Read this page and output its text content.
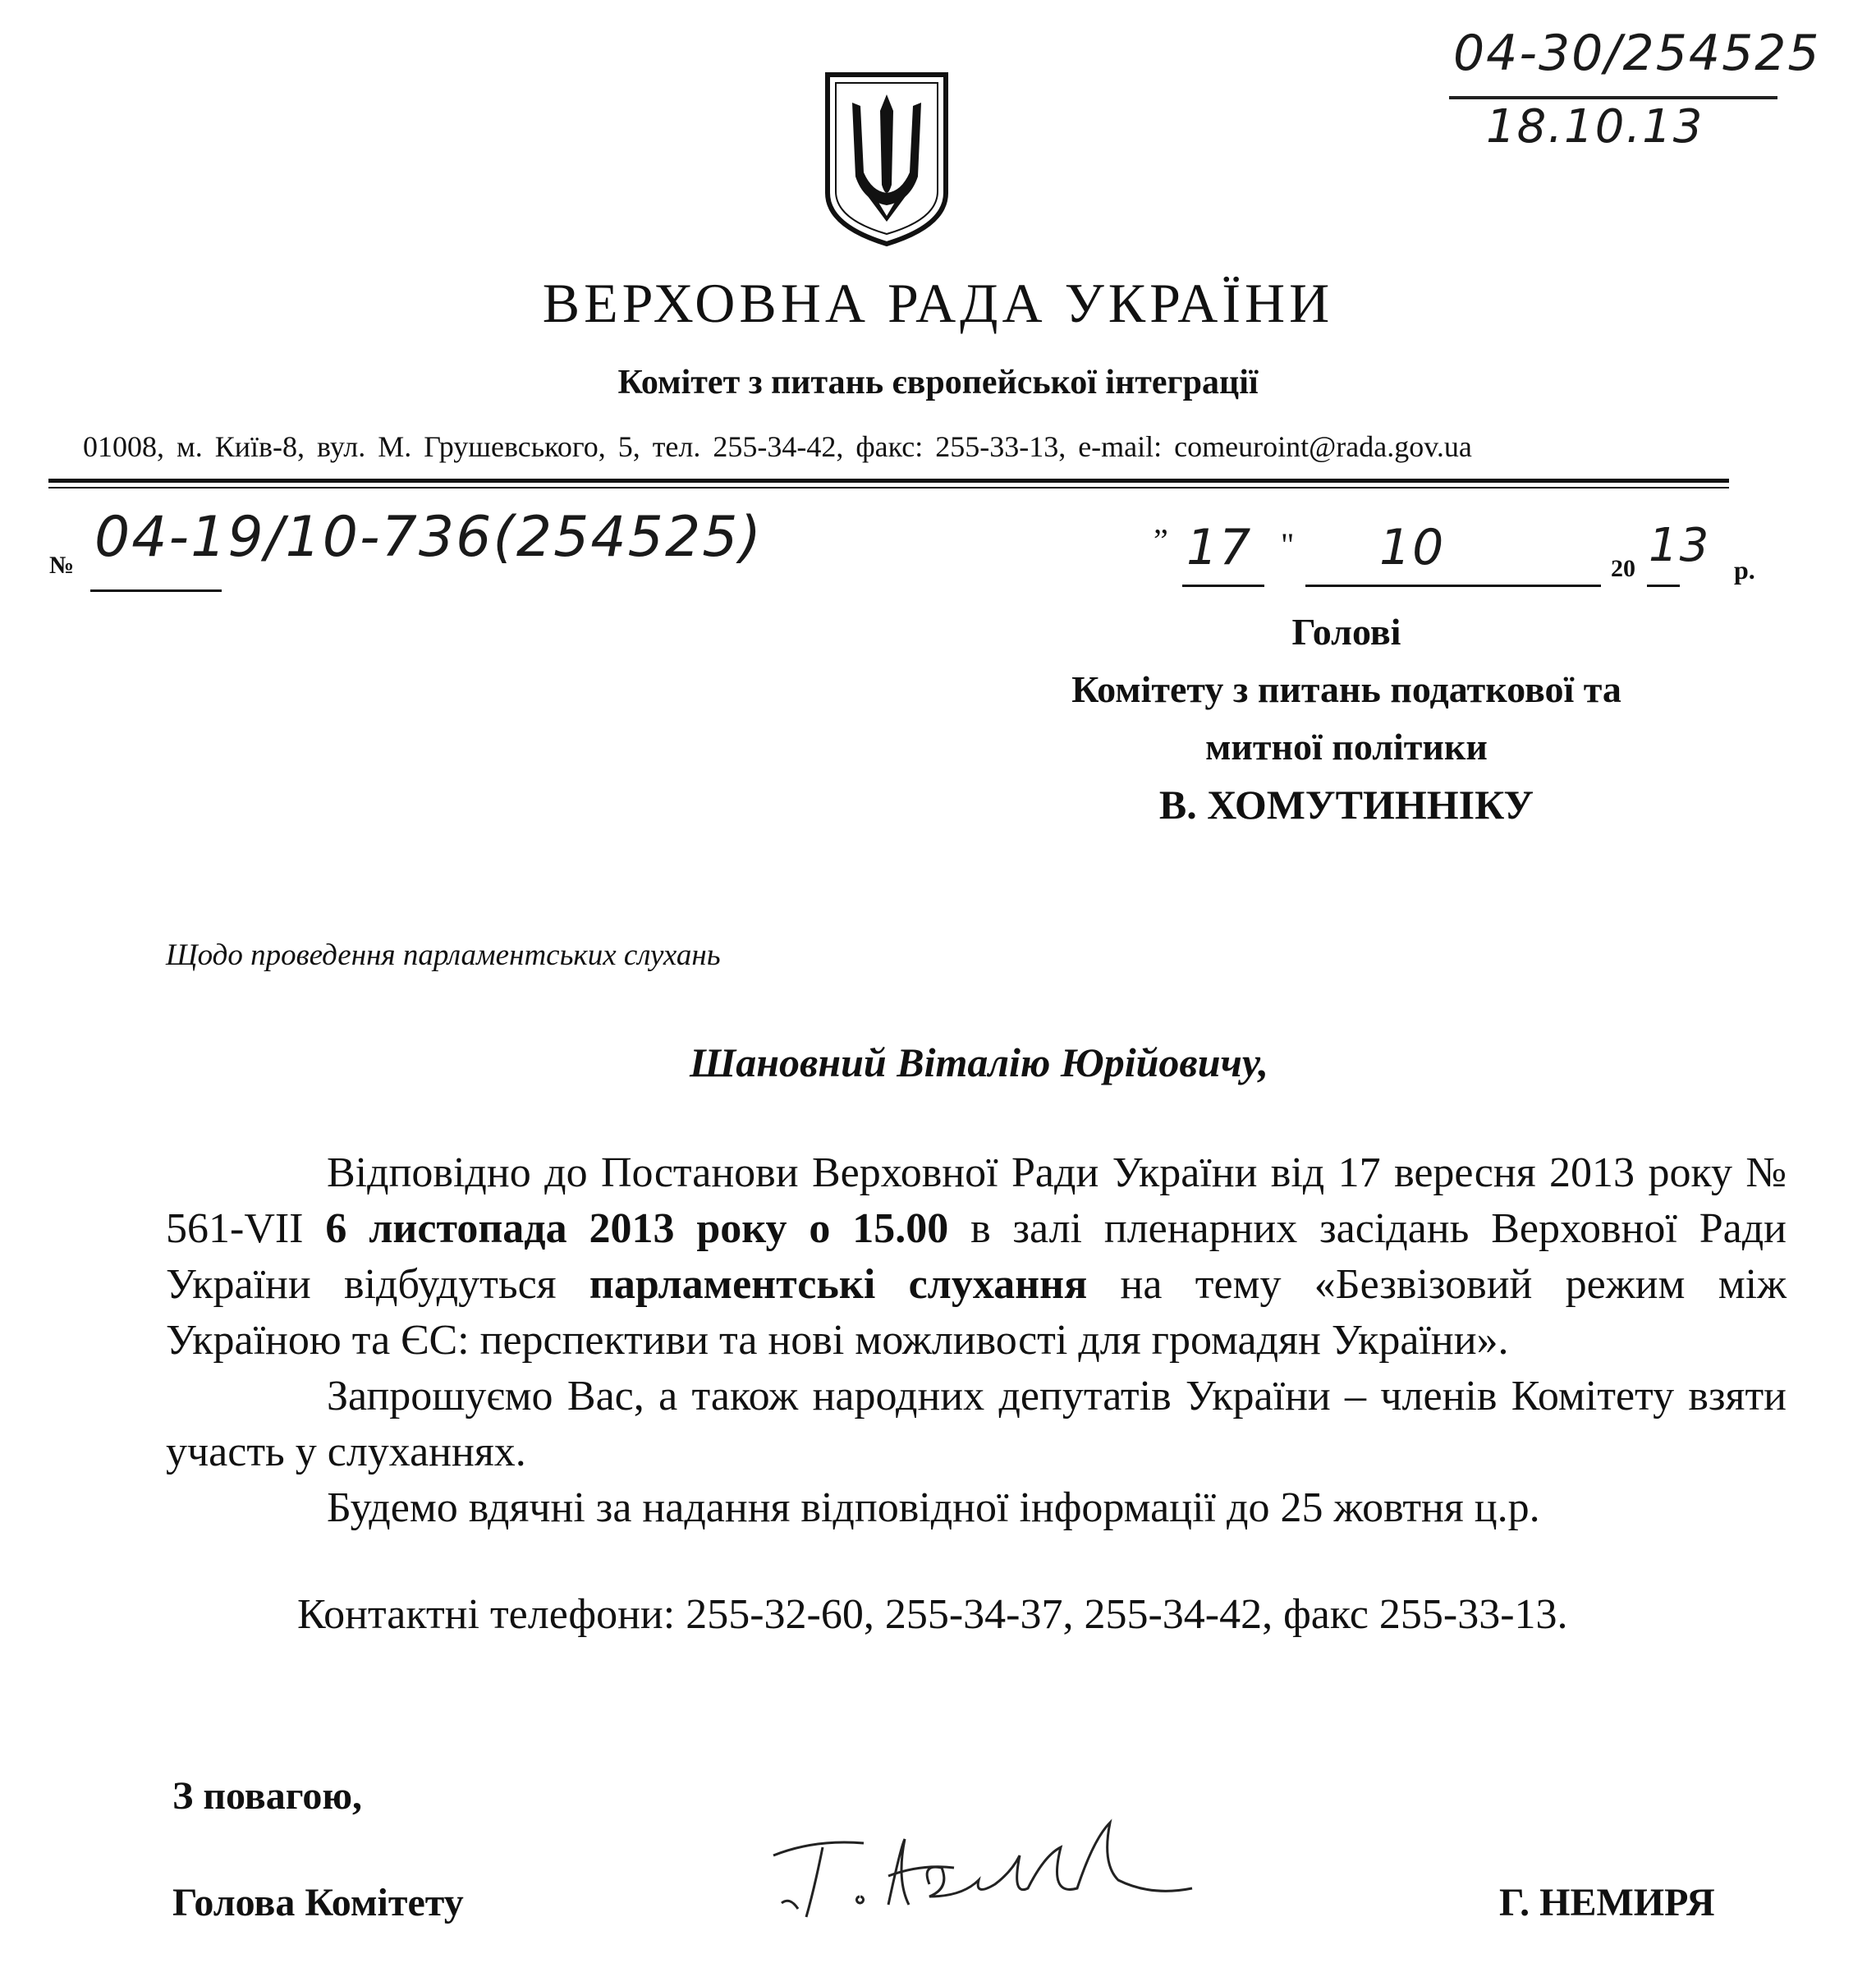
04-30/254525
18.10.13
ВЕРХОВНА РАДА УКРАЇНИ
Комітет з питань європейської інтеграції
01008, м. Київ-8, вул. М. Грушевського, 5, тел. 255-34-42, факс: 255-33-13, e-mail: comeuroint@rada.gov.ua
№ 04-19/10-736(254525)	„ 17 " 10	20 13 р.
Голові
Комітету з питань податкової та
митної політики
В. ХОМУТИННІКУ
Щодо проведення парламентських слухань
Шановний Віталію Юрійовичу,

Відповідно до Постанови Верховної Ради України від 17 вересня 2013 року № 561-VII 6 листопада 2013 року о 15.00 в залі пленарних засідань Верховної Ради України відбудуться парламентські слухання на тему «Безвізовий режим між Україною та ЄС: перспективи та нові можливості для громадян України».

Запрошуємо Вас, а також народних депутатів України – членів Комітету взяти участь у слуханнях.

Будемо вдячні за надання відповідної інформації до 25 жовтня ц.р.

Контактні телефони: 255-32-60, 255-34-37, 255-34-42, факс 255-33-13.

З повагою,
Голова Комітету	Г. НЕМИРЯ
